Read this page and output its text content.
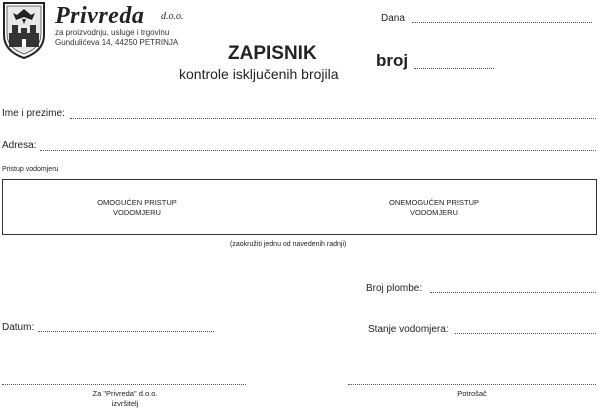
Privreda d.o.o.
za proizvodnju, usluge i trgovinu
Gundulićeva 14, 44250 PETRINJA
Dana
ZAPISNIK
kontrole isključenih brojila
broj
Ime i prezime:
Adresa:
Pristup vodomjeru
OMOGUĆEN PRISTUP
VODOMJERU
ONEMOGUĆEN PRISTUP
VODOMJERU
(zaokružiti jednu od navedenih radnji)
Broj plombe:
Datum:	Stanje vodomjera:
Za "Privreda" d.o.o.
izvršitelj
Potrošač
